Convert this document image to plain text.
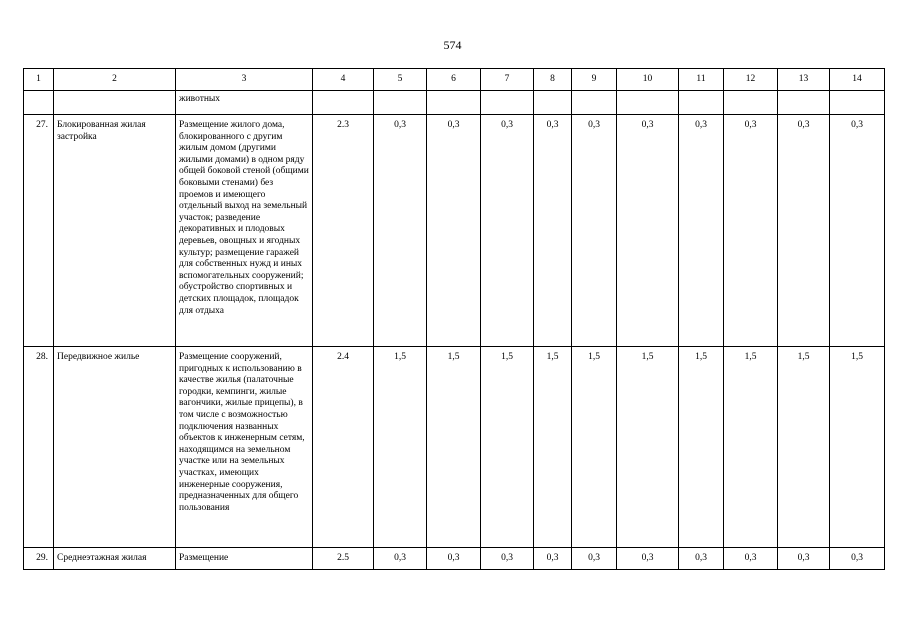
574
1	2	3	4	5	6	7	8	9	10	11	12	13	14
		животных											
27.	Блокированная жилая застройка	Размещение жилого дома, блокированного с другим жилым домом (другими жилыми домами) в одном ряду общей боковой стеной (общими боковыми стенами) без проемов и имеющего отдельный выход на земельный участок; разведение декоративных и плодовых деревьев, овощных и ягодных культур; размещение гаражей для собственных нужд и иных вспомогательных сооружений; обустройство спортивных и детских площадок, площадок для отдыха	2.3	0,3	0,3	0,3	0,3	0,3	0,3	0,3	0,3	0,3	0,3
28.	Передвижное жилье	Размещение сооружений, пригодных к использованию в качестве жилья (палаточные городки, кемпинги, жилые вагончики, жилые прицепы), в том числе с возможностью подключения названных объектов к инженерным сетям, находящимся на земельном участке или на земельных участках, имеющих инженерные сооружения, предназначенных для общего пользования	2.4	1,5	1,5	1,5	1,5	1,5	1,5	1,5	1,5	1,5	1,5
29.	Среднеэтажная жилая	Размещение	2.5	0,3	0,3	0,3	0,3	0,3	0,3	0,3	0,3	0,3	0,3
